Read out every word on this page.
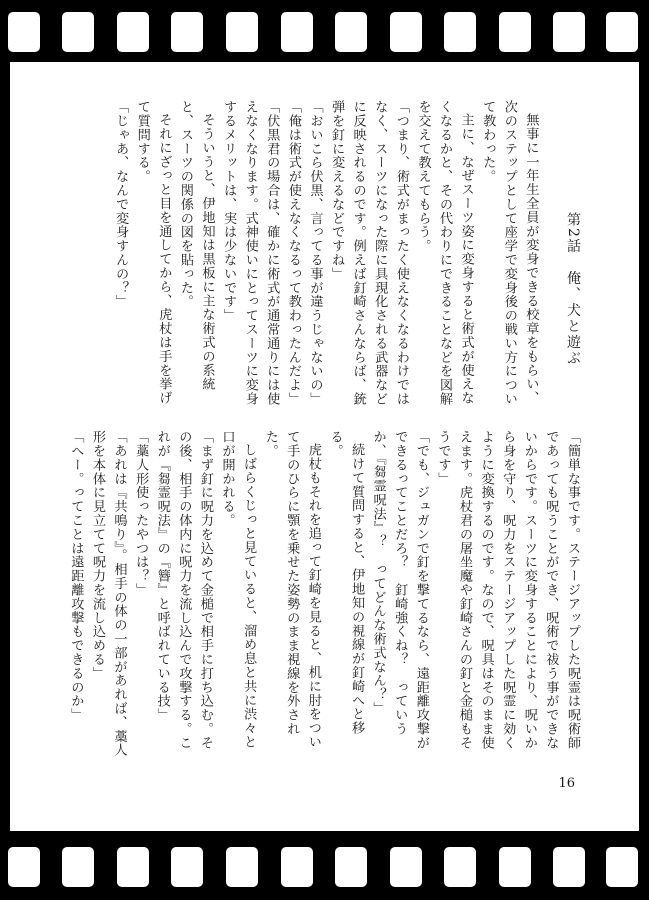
第2話　俺、犬と遊ぶ

無事に一年生全員が変身できる校章をもらい、次のステップとして座学で変身後の戦い方について教わった。

主に、なぜスーツ姿に変身すると術式が使えなくなるかと、その代わりにできることなどを図解を交えて教えてもらう。

「つまり、術式がまったく使えなくなるわけではなく、スーツになった際に具現化される武器などに反映されるのです。例えば釘崎さんならば、銃弾を釘に変えるなどですね」

「おいこら伏黒、言ってる事が違うじゃないの」

「俺は術式が使えなくなるって教わったんだよ」

「伏黒君の場合は、確かに術式が通常通りには使えなくなります。式神使いにとってスーツに変身するメリットは、実は少ないです」

そういうと、伊地知は黒板に主な術式の系統と、スーツの関係の図を貼った。

それにざっと目を通してから、虎杖は手を挙げて質問する。

「じゃあ、なんで変身すんの？」

「簡単な事です。ステージアップした呪霊は呪術師であっても呪うことができ、呪術で祓う事ができないからです。スーツに変身することにより、呪いから身を守り、呪力をステージアップした呪霊に効くように変換するのです。なので、呪具はそのまま使えます。虎杖君の屠坐魔や釘崎さんの釘と金槌もそうです」

「でも、ジュガンで釘を撃てるなら、遠距離攻撃ができるってことだろ？　釘崎強くね？　っていうか、『芻霊呪法』？　ってどんな術式なん？」

続けて質問すると、伊地知の視線が釘崎へと移る。

虎杖もそれを追って釘崎を見ると、机に肘をついて手のひらに顎を乗せた姿勢のまま視線を外された。

しばらくじっと見ていると、溜め息と共に渋々と口が開かれる。

「まず釘に呪力を込めて金槌で相手に打ち込む。その後、相手の体内に呪力を流し込んで攻撃する。これが『芻霊呪法』の『簪』と呼ばれている技」

「藁人形使ったやつは？」

「あれは『共鳴り』。相手の体の一部があれば、藁人形を本体に見立てて呪力を流し込める」

「へー。ってことは遠距離攻撃もできるのか」

16
